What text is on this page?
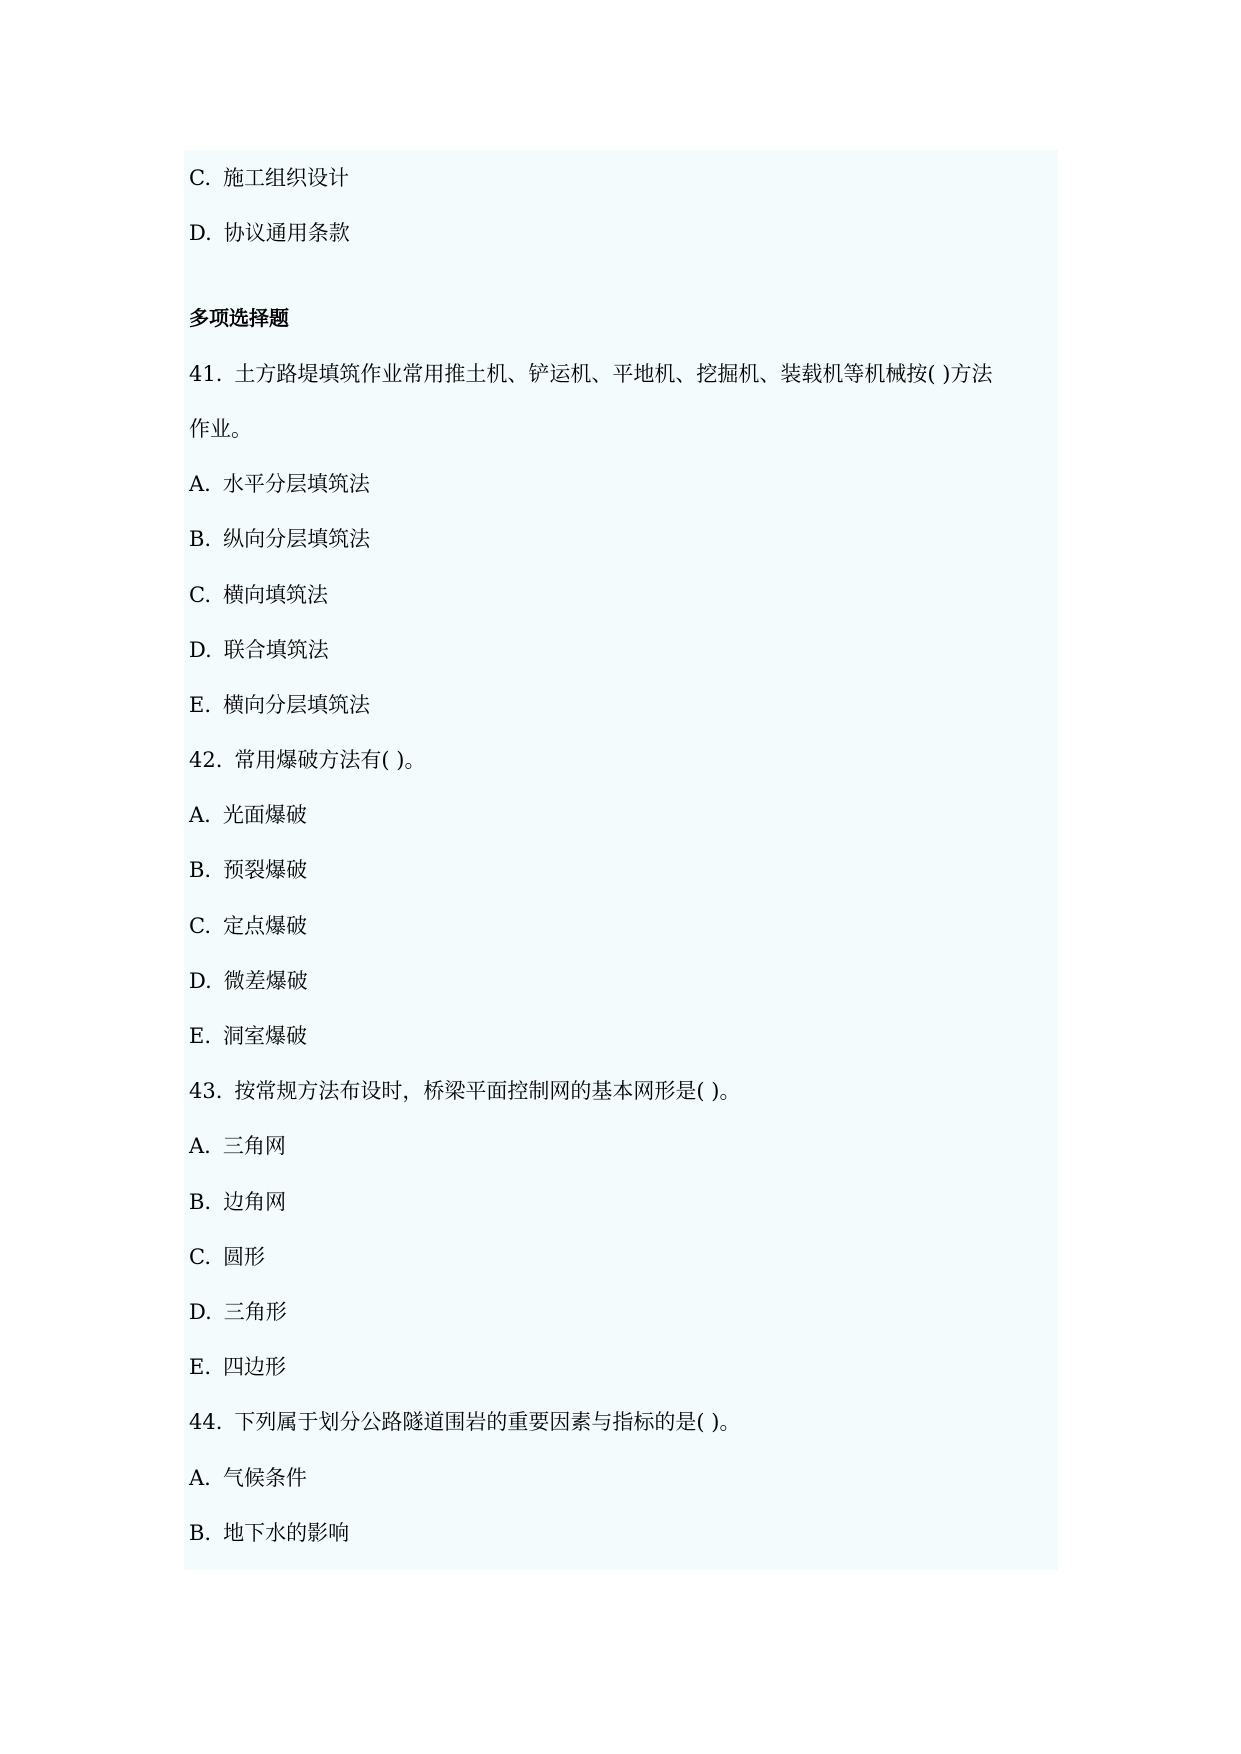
C. 施工组织设计
D. 协议通用条款
多项选择题
41. 土方路堤填筑作业常用推土机、铲运机、平地机、挖掘机、装载机等机械按( )方法
作业。
A. 水平分层填筑法
B. 纵向分层填筑法
C. 横向填筑法
D. 联合填筑法
E. 横向分层填筑法
42. 常用爆破方法有( )。
A. 光面爆破
B. 预裂爆破
C. 定点爆破
D. 微差爆破
E. 洞室爆破
43. 按常规方法布设时，桥梁平面控制网的基本网形是( )。
A. 三角网
B. 边角网
C. 圆形
D. 三角形
E. 四边形
44. 下列属于划分公路隧道围岩的重要因素与指标的是( )。
A. 气候条件
B. 地下水的影响
